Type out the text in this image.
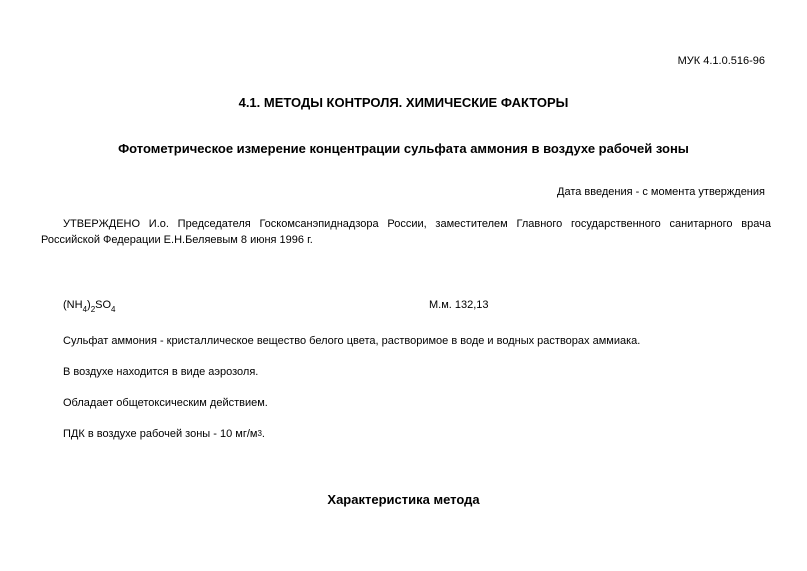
МУК 4.1.0.516-96
4.1. МЕТОДЫ КОНТРОЛЯ. ХИМИЧЕСКИЕ ФАКТОРЫ
Фотометрическое измерение концентрации сульфата аммония в воздухе рабочей зоны
Дата введения - с момента утверждения

УТВЕРЖДЕНО И.о. Председателя Госкомсанэпиднадзора России, заместителем Главного государственного санитарного врача Российской Федерации Е.Н.Беляевым 8 июня 1996 г.

$(NH_4)_2SO_4$	М.м. 132,13

Сульфат аммония - кристаллическое вещество белого цвета, растворимое в воде и водных растворах аммиака.

В воздухе находится в виде аэрозоля.

Обладает общетоксическим действием.

ПДК в воздухе рабочей зоны - 10 мг/м3.

Характеристика метода
